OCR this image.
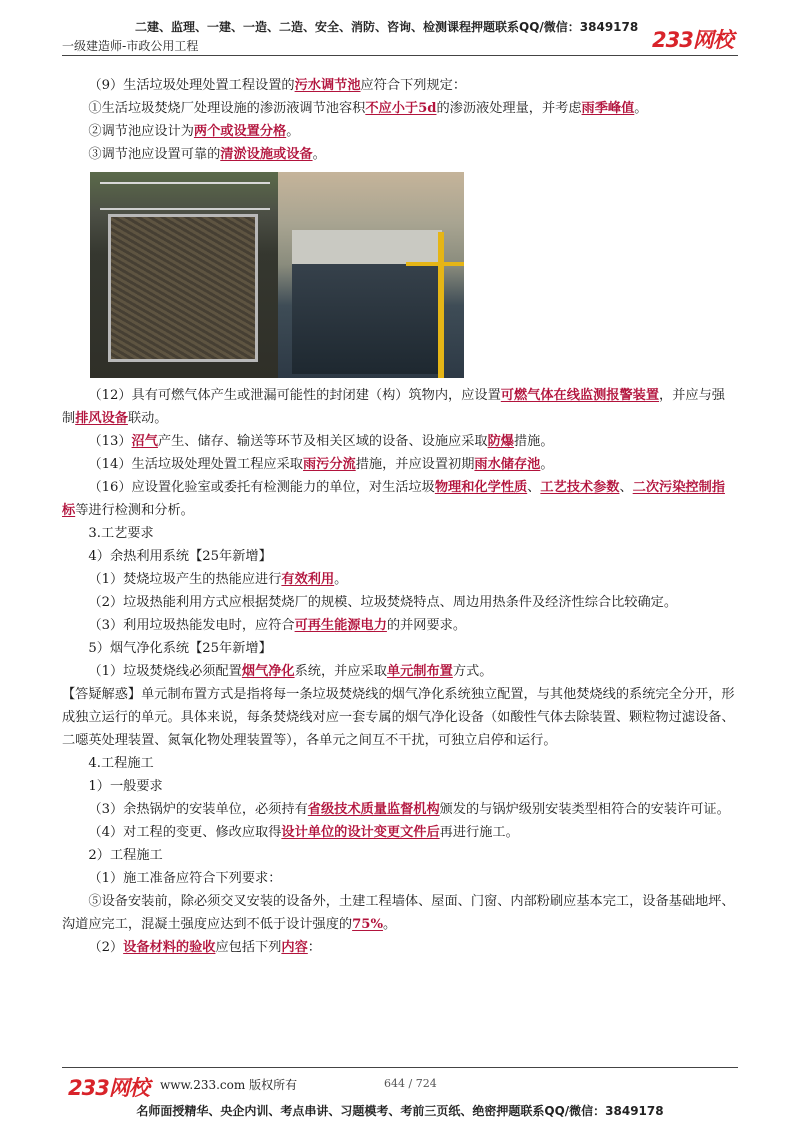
二建、监理、一建、一造、二造、安全、消防、咨询、检测课程押题联系QQ/微信：3849178
233网校
一级建造师-市政公用工程
（9）生活垃圾处理处置工程设置的污水调节池应符合下列规定：
①生活垃圾焚烧厂处理设施的渗沥液调节池容积不应小于5d的渗沥液处理量，并考虑雨季峰值。
②调节池应设计为两个或设置分格。
③调节池应设置可靠的清淤设施或设备。
（12）具有可燃气体产生或泄漏可能性的封闭建（构）筑物内，应设置可燃气体在线监测报警装置，并应与强制排风设备联动。
（13）沼气产生、储存、输送等环节及相关区域的设备、设施应采取防爆措施。
（14）生活垃圾处理处置工程应采取雨污分流措施，并应设置初期雨水储存池。
（16）应设置化验室或委托有检测能力的单位，对生活垃圾物理和化学性质、工艺技术参数、二次污染控制指标等进行检测和分析。
3.工艺要求
4）余热利用系统【25年新增】
（1）焚烧垃圾产生的热能应进行有效利用。
（2）垃圾热能利用方式应根据焚烧厂的规模、垃圾焚烧特点、周边用热条件及经济性综合比较确定。
（3）利用垃圾热能发电时，应符合可再生能源电力的并网要求。
5）烟气净化系统【25年新增】
（1）垃圾焚烧线必须配置烟气净化系统，并应采取单元制布置方式。
【答疑解惑】单元制布置方式是指将每一条垃圾焚烧线的烟气净化系统独立配置，与其他焚烧线的系统完全分开，形成独立运行的单元。具体来说，每条焚烧线对应一套专属的烟气净化设备（如酸性气体去除装置、颗粒物过滤设备、二噁英处理装置、氮氧化物处理装置等），各单元之间互不干扰，可独立启停和运行。
4.工程施工
1）一般要求
（3）余热锅炉的安装单位，必须持有省级技术质量监督机构颁发的与锅炉级别安装类型相符合的安装许可证。
（4）对工程的变更、修改应取得设计单位的设计变更文件后再进行施工。
2）工程施工
（1）施工准备应符合下列要求：
⑤设备安装前，除必须交叉安装的设备外，土建工程墙体、屋面、门窗、内部粉刷应基本完工，设备基础地坪、沟道应完工，混凝土强度应达到不低于设计强度的75%。
（2）设备材料的验收应包括下列内容：
233网校 www.233.com 版权所有	644 / 724
名师面授精华、央企内训、考点串讲、习题模考、考前三页纸、绝密押题联系QQ/微信：3849178
